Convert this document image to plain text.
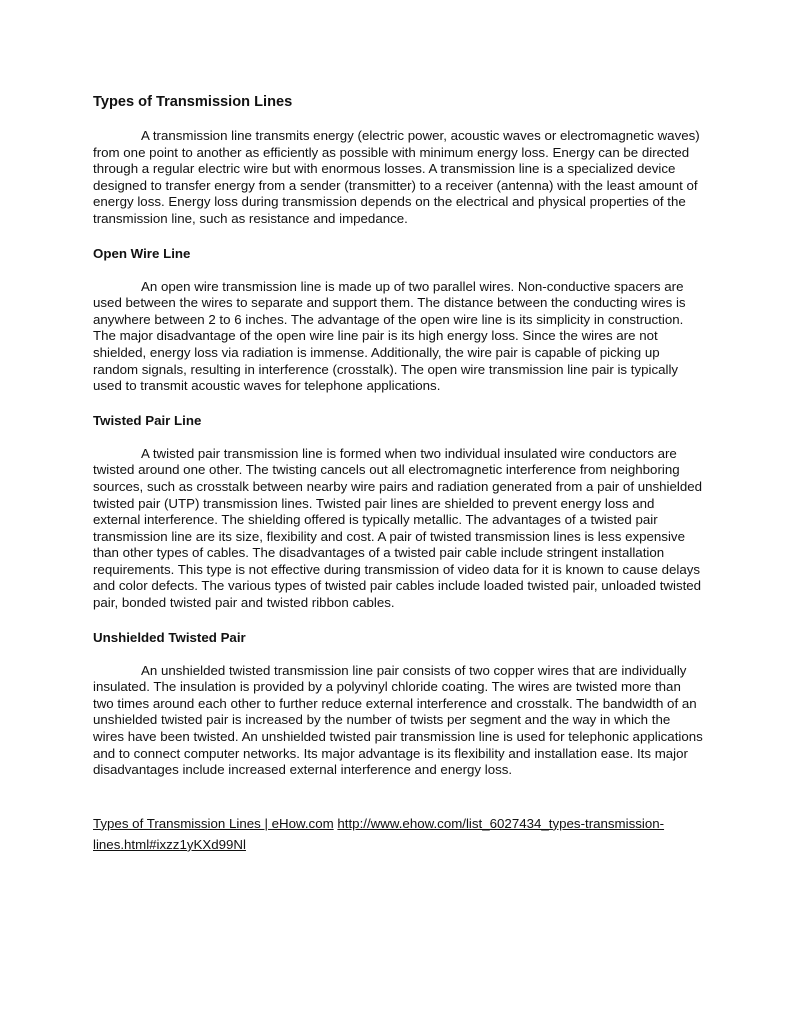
Types of Transmission Lines

A transmission line transmits energy (electric power, acoustic waves or electromagnetic waves) from one point to another as efficiently as possible with minimum energy loss. Energy can be directed through a regular electric wire but with enormous losses. A transmission line is a specialized device designed to transfer energy from a sender (transmitter) to a receiver (antenna) with the least amount of energy loss. Energy loss during transmission depends on the electrical and physical properties of the transmission line, such as resistance and impedance.

Open Wire Line

An open wire transmission line is made up of two parallel wires. Non-conductive spacers are used between the wires to separate and support them. The distance between the conducting wires is anywhere between 2 to 6 inches. The advantage of the open wire line is its simplicity in construction. The major disadvantage of the open wire line pair is its high energy loss. Since the wires are not shielded, energy loss via radiation is immense. Additionally, the wire pair is capable of picking up random signals, resulting in interference (crosstalk). The open wire transmission line pair is typically used to transmit acoustic waves for telephone applications.

Twisted Pair Line

A twisted pair transmission line is formed when two individual insulated wire conductors are twisted around one other. The twisting cancels out all electromagnetic interference from neighboring sources, such as crosstalk between nearby wire pairs and radiation generated from a pair of unshielded twisted pair (UTP) transmission lines. Twisted pair lines are shielded to prevent energy loss and external interference. The shielding offered is typically metallic. The advantages of a twisted pair transmission line are its size, flexibility and cost. A pair of twisted transmission lines is less expensive than other types of cables. The disadvantages of a twisted pair cable include stringent installation requirements. This type is not effective during transmission of video data for it is known to cause delays and color defects. The various types of twisted pair cables include loaded twisted pair, unloaded twisted pair, bonded twisted pair and twisted ribbon cables.

Unshielded Twisted Pair

An unshielded twisted transmission line pair consists of two copper wires that are individually insulated. The insulation is provided by a polyvinyl chloride coating. The wires are twisted more than two times around each other to further reduce external interference and crosstalk. The bandwidth of an unshielded twisted pair is increased by the number of twists per segment and the way in which the wires have been twisted. An unshielded twisted pair transmission line is used for telephonic applications and to connect computer networks. Its major advantage is its flexibility and installation ease. Its major disadvantages include increased external interference and energy loss.

Types of Transmission Lines | eHow.com http://www.ehow.com/list_6027434_types-transmission-lines.html#ixzz1yKXd99Nl
